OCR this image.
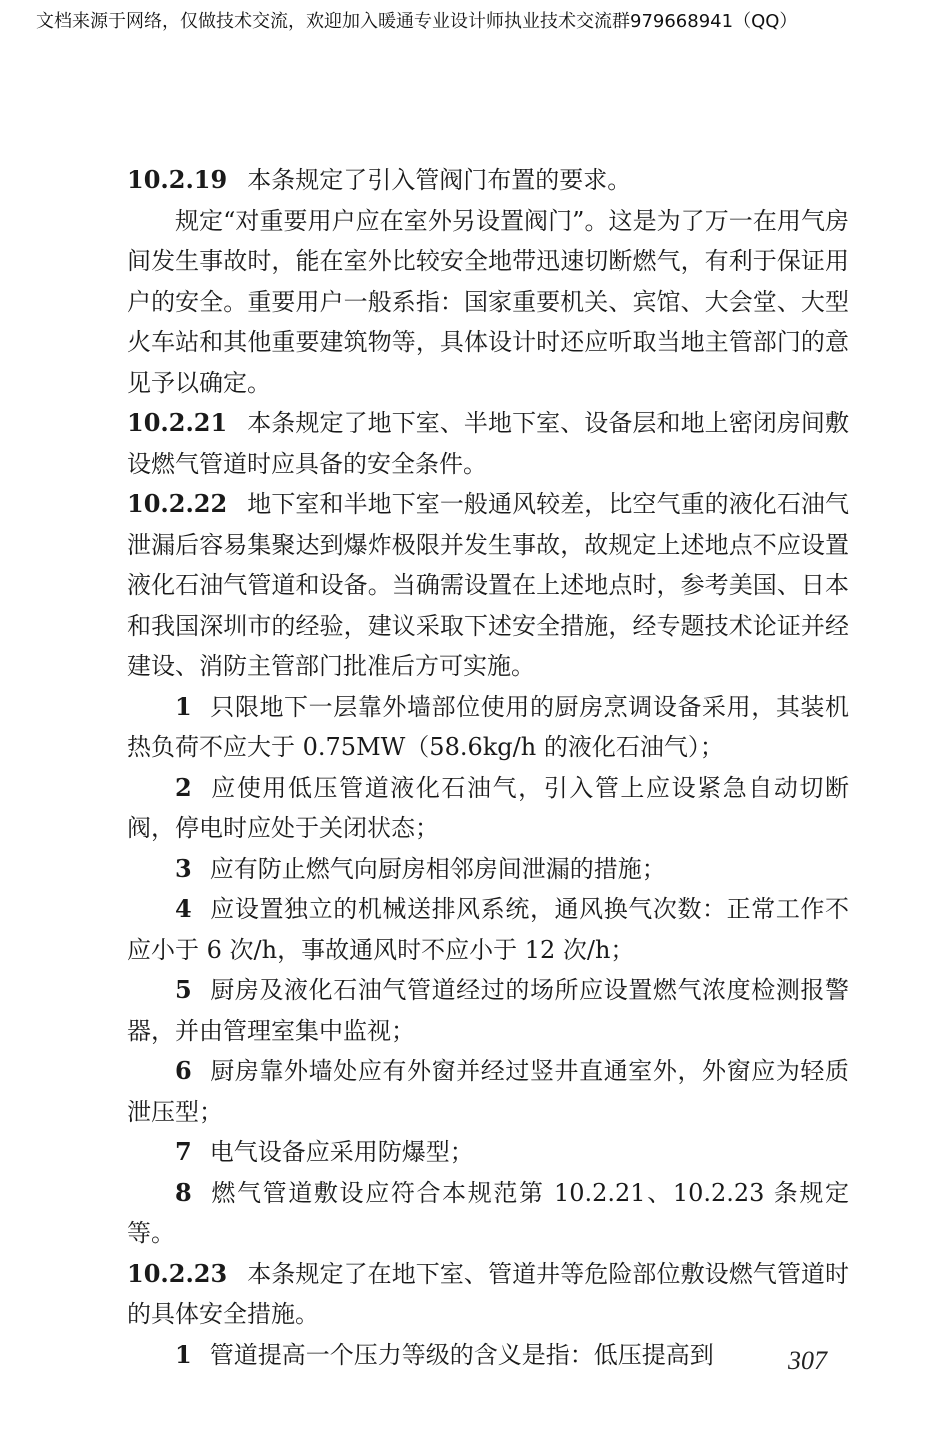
文档来源于网络，仅做技术交流，欢迎加入暖通专业设计师执业技术交流群979668941（QQ）

10.2.19 本条规定了引入管阀门布置的要求。

规定“对重要用户应在室外另设置阀门”。这是为了万一在用气房间发生事故时，能在室外比较安全地带迅速切断燃气，有利于保证用户的安全。重要用户一般系指：国家重要机关、宾馆、大会堂、大型火车站和其他重要建筑物等，具体设计时还应听取当地主管部门的意见予以确定。

10.2.21 本条规定了地下室、半地下室、设备层和地上密闭房间敷设燃气管道时应具备的安全条件。

10.2.22 地下室和半地下室一般通风较差，比空气重的液化石油气泄漏后容易集聚达到爆炸极限并发生事故，故规定上述地点不应设置液化石油气管道和设备。当确需设置在上述地点时，参考美国、日本和我国深圳市的经验，建议采取下述安全措施，经专题技术论证并经建设、消防主管部门批准后方可实施。

1 只限地下一层靠外墙部位使用的厨房烹调设备采用，其装机热负荷不应大于 0.75MW（58.6kg/h 的液化石油气）；

2 应使用低压管道液化石油气，引入管上应设紧急自动切断阀，停电时应处于关闭状态；

3 应有防止燃气向厨房相邻房间泄漏的措施；

4 应设置独立的机械送排风系统，通风换气次数：正常工作不应小于 6 次/h，事故通风时不应小于 12 次/h；

5 厨房及液化石油气管道经过的场所应设置燃气浓度检测报警器，并由管理室集中监视；

6 厨房靠外墙处应有外窗并经过竖井直通室外，外窗应为轻质泄压型；

7 电气设备应采用防爆型；

8 燃气管道敷设应符合本规范第 10.2.21、10.2.23 条规定等。

10.2.23 本条规定了在地下室、管道井等危险部位敷设燃气管道时的具体安全措施。

1 管道提高一个压力等级的含义是指：低压提高到	307
